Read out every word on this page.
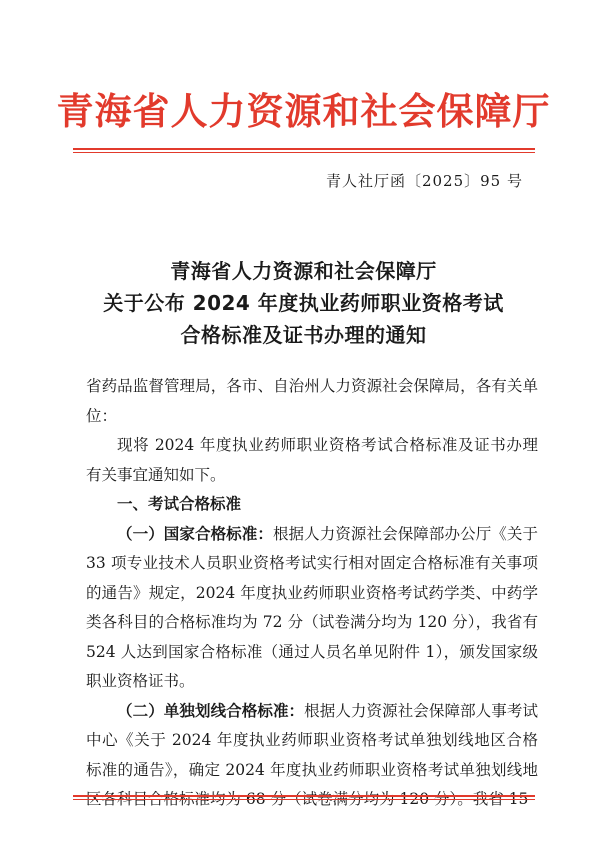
青海省人力资源和社会保障厅
青人社厅函〔2025〕95 号
青海省人力资源和社会保障厅
关于公布 2024 年度执业药师职业资格考试
合格标准及证书办理的通知

省药品监督管理局，各市、自治州人力资源社会保障局，各有关单位：

现将 2024 年度执业药师职业资格考试合格标准及证书办理有关事宜通知如下。

一、考试合格标准

（一）国家合格标准：根据人力资源社会保障部办公厅《关于 33 项专业技术人员职业资格考试实行相对固定合格标准有关事项的通告》规定，2024 年度执业药师职业资格考试药学类、中药学类各科目的合格标准均为 72 分（试卷满分均为 120 分），我省有 524 人达到国家合格标准（通过人员名单见附件 1），颁发国家级职业资格证书。

（二）单独划线合格标准：根据人力资源社会保障部人事考试中心《关于 2024 年度执业药师职业资格考试单独划线地区合格标准的通告》，确定 2024 年度执业药师职业资格考试单独划线地区各科目合格标准均为 68 分（试卷满分均为 120 分）。我省 15
